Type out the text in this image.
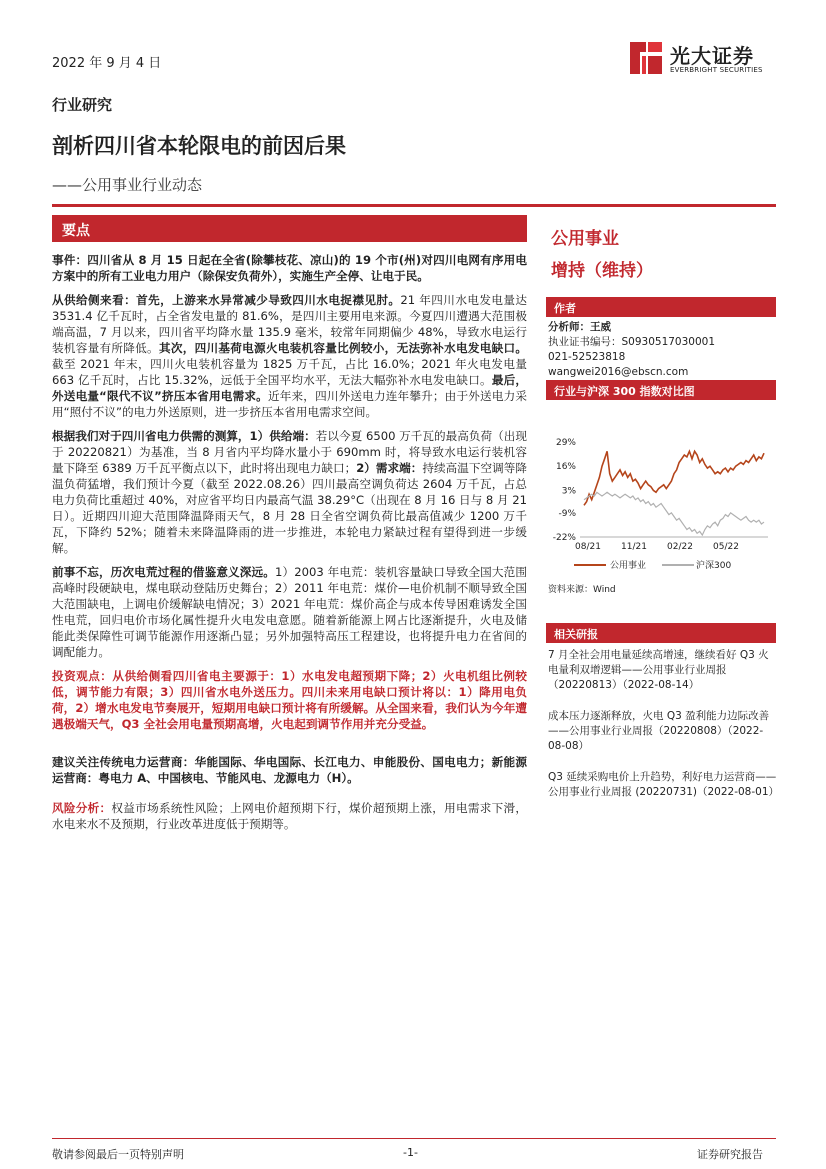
2022 年 9 月 4 日	光大证券
EVERBRIGHT SECURITIES
行业研究
剖析四川省本轮限电的前因后果
——公用事业行业动态
要点

事件：四川省从 8 月 15 日起在全省(除攀枝花、凉山)的 19 个市(州)对四川电网有序用电方案中的所有工业电力用户（除保安负荷外），实施生产全停、让电于民。

从供给侧来看：首先，上游来水异常减少导致四川水电捉襟见肘。21 年四川水电发电量达 3531.4 亿千瓦时，占全省发电量的 81.6%，是四川主要用电来源。今夏四川遭遇大范围极端高温，7 月以来，四川省平均降水量 135.9 毫米，较常年同期偏少 48%，导致水电运行装机容量有所降低。其次，四川基荷电源火电装机容量比例较小，无法弥补水电发电缺口。截至 2021 年末，四川火电装机容量为 1825 万千瓦，占比 16.0%；2021 年火电发电量 663 亿千瓦时，占比 15.32%，远低于全国平均水平，无法大幅弥补水电发电缺口。最后，外送电量“限代不议”挤压本省用电需求。近年来，四川外送电力连年攀升；由于外送电力采用“照付不议”的电力外送原则，进一步挤压本省用电需求空间。

根据我们对于四川省电力供需的测算，1）供给端：若以今夏 6500 万千瓦的最高负荷（出现于 20220821）为基准，当 8 月省内平均降水量小于 690mm 时，将导致水电运行装机容量下降至 6389 万千瓦平衡点以下，此时将出现电力缺口；2）需求端：持续高温下空调等降温负荷猛增，我们预计今夏（截至 2022.08.26）四川最高空调负荷达 2604 万千瓦，占总电力负荷比重超过 40%，对应省平均日内最高气温 38.29°C（出现在 8 月 16 日与 8 月 21 日）。近期四川迎大范围降温降雨天气，8 月 28 日全省空调负荷比最高值减少 1200 万千瓦，下降约 52%；随着未来降温降雨的进一步推进，本轮电力紧缺过程有望得到进一步缓解。

前事不忘，历次电荒过程的借鉴意义深远。1）2003 年电荒：装机容量缺口导致全国大范围高峰时段硬缺电，煤电联动登陆历史舞台；2）2011 年电荒：煤价—电价机制不顺导致全国大范围缺电，上调电价缓解缺电情况；3）2021 年电荒：煤价高企与成本传导困难诱发全国性电荒，回归电价市场化属性提升火电发电意愿。随着新能源上网占比逐渐提升，火电及储能此类保障性可调节能源作用逐渐凸显；另外加强特高压工程建设，也将提升电力在省间的调配能力。

投资观点：从供给侧看四川省电主要源于：1）水电发电超预期下降；2）火电机组比例较低，调节能力有限；3）四川省水电外送压力。四川未来用电缺口预计将以：1）降用电负荷，2）增水电发电节奏展开，短期用电缺口预计将有所缓解。从全国来看，我们认为今年遭遇极端天气，Q3 全社会用电量预期高增，火电起到调节作用并充分受益。

建议关注传统电力运营商：华能国际、华电国际、长江电力、申能股份、国电电力；新能源运营商：粤电力 A、中国核电、节能风电、龙源电力（H）。

风险分析：权益市场系统性风险；上网电价超预期下行，煤价超预期上涨，用电需求下滑，水电来水不及预期，行业改革进度低于预期等。

公用事业
增持（维持）
作者
分析师：王威
执业证书编号：S0930517030001
021-52523818
wangwei2016@ebscn.com
行业与沪深 300 指数对比图
29%
16%
3%
-9%
-22%
08/21 11/21 02/22 05/22
公用事业	沪深300
资料来源：Wind
相关研报
7 月全社会用电量延续高增速，继续看好 Q3 火电量利双增逻辑——公用事业行业周报（20220813）（2022-08-14）
成本压力逐渐释放，火电 Q3 盈利能力边际改善——公用事业行业周报（20220808）（2022-08-08）
Q3 延续采购电价上升趋势，利好电力运营商——公用事业行业周报 (20220731)（2022-08-01）
敬请参阅最后一页特别声明	-1-	证券研究报告
